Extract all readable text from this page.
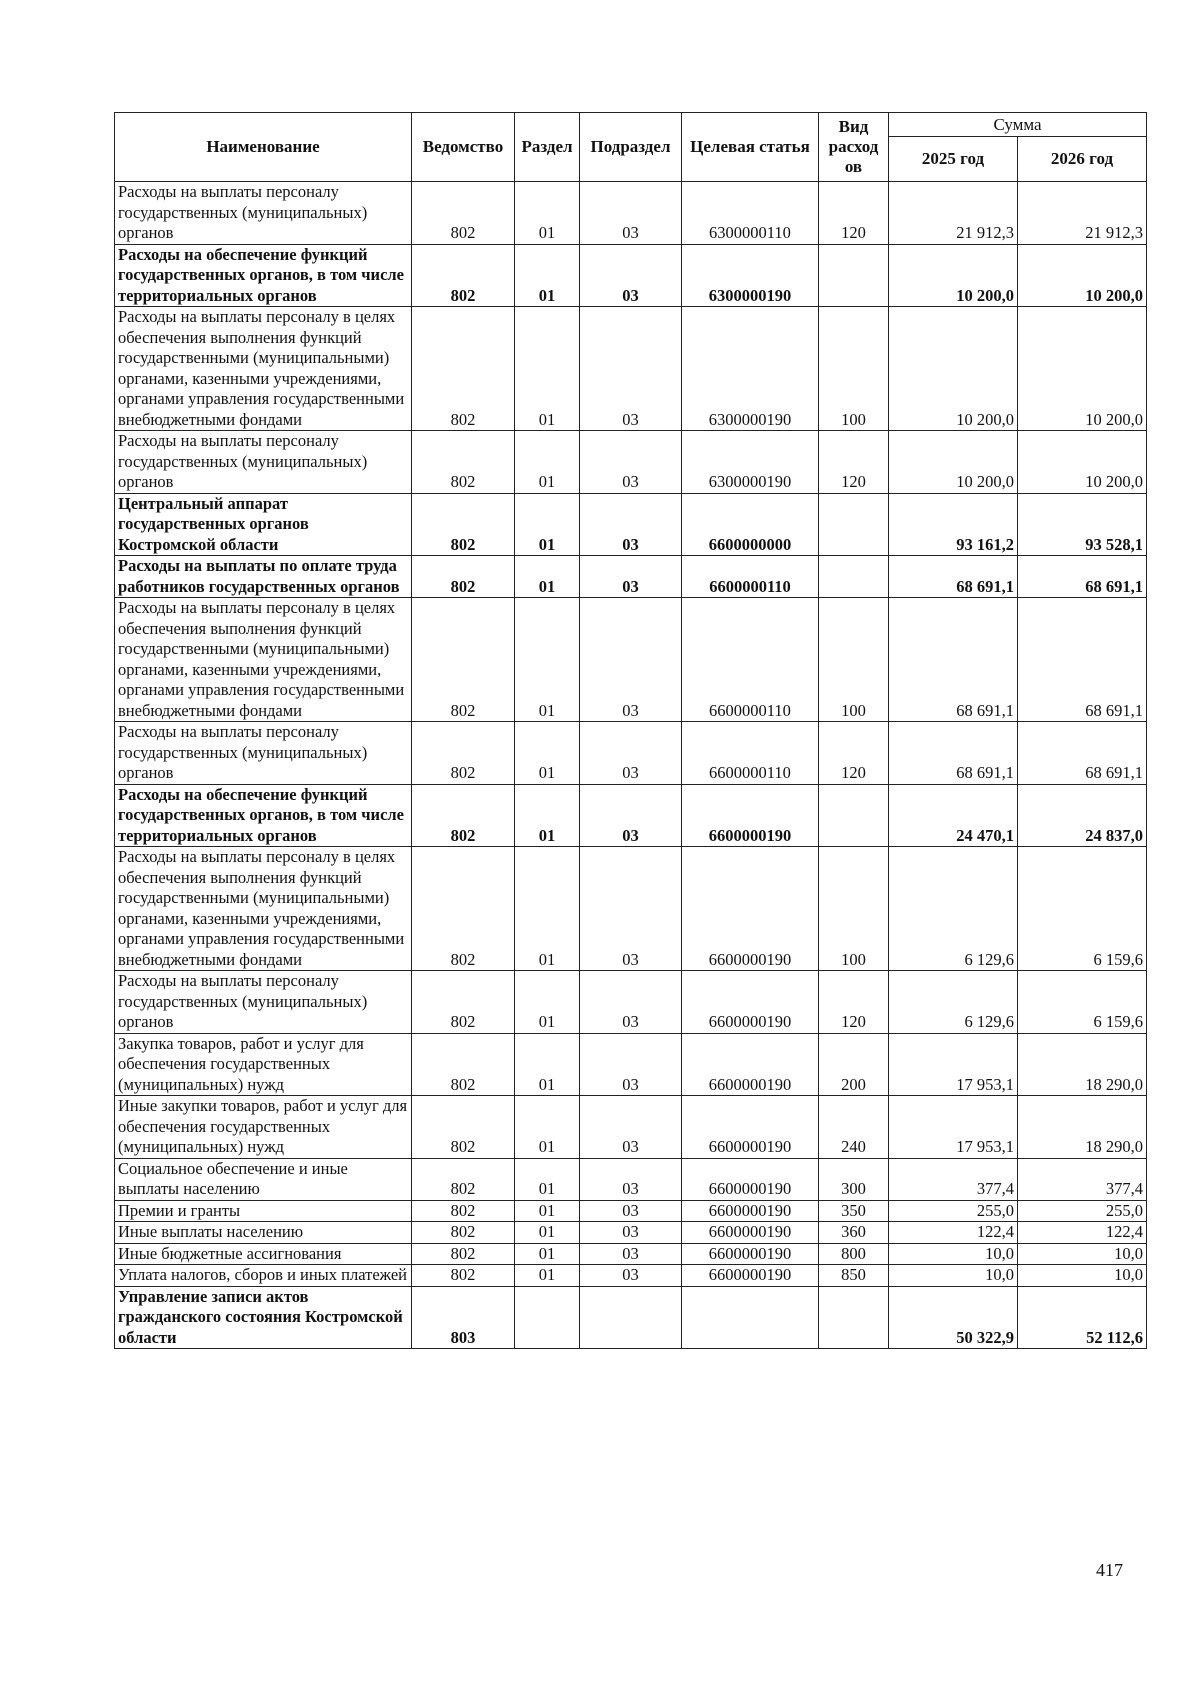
Наименование	Ведомство	Раздел	Подраздел	Целевая статья	Вид расход ов	Сумма	
						2025 год	2026 год
Расходы на выплаты персоналу государственных (муниципальных) органов	802	01	03	6300000110	120	21 912,3	21 912,3
Расходы на обеспечение функций государственных органов, в том числе территориальных органов	802	01	03	6300000190		10 200,0	10 200,0
Расходы на выплаты персоналу в целях обеспечения выполнения функций государственными (муниципальными) органами, казенными учреждениями, органами управления государственными внебюджетными фондами	802	01	03	6300000190	100	10 200,0	10 200,0
Расходы на выплаты персоналу государственных (муниципальных) органов	802	01	03	6300000190	120	10 200,0	10 200,0
Центральный аппарат государственных органов Костромской области	802	01	03	6600000000		93 161,2	93 528,1
Расходы на выплаты по оплате труда работников государственных органов	802	01	03	6600000110		68 691,1	68 691,1
Расходы на выплаты персоналу в целях обеспечения выполнения функций государственными (муниципальными) органами, казенными учреждениями, органами управления государственными внебюджетными фондами	802	01	03	6600000110	100	68 691,1	68 691,1
Расходы на выплаты персоналу государственных (муниципальных) органов	802	01	03	6600000110	120	68 691,1	68 691,1
Расходы на обеспечение функций государственных органов, в том числе территориальных органов	802	01	03	6600000190		24 470,1	24 837,0
Расходы на выплаты персоналу в целях обеспечения выполнения функций государственными (муниципальными) органами, казенными учреждениями, органами управления государственными внебюджетными фондами	802	01	03	6600000190	100	6 129,6	6 159,6
Расходы на выплаты персоналу государственных (муниципальных) органов	802	01	03	6600000190	120	6 129,6	6 159,6
Закупка товаров, работ и услуг для обеспечения государственных (муниципальных) нужд	802	01	03	6600000190	200	17 953,1	18 290,0
Иные закупки товаров, работ и услуг для обеспечения государственных (муниципальных) нужд	802	01	03	6600000190	240	17 953,1	18 290,0
Социальное обеспечение и иные выплаты населению	802	01	03	6600000190	300	377,4	377,4
Премии и гранты	802	01	03	6600000190	350	255,0	255,0
Иные выплаты населению	802	01	03	6600000190	360	122,4	122,4
Иные бюджетные ассигнования	802	01	03	6600000190	800	10,0	10,0
Уплата налогов, сборов и иных платежей	802	01	03	6600000190	850	10,0	10,0
Управление записи актов гражданского состояния Костромской области	803					50 322,9	52 112,6
417
